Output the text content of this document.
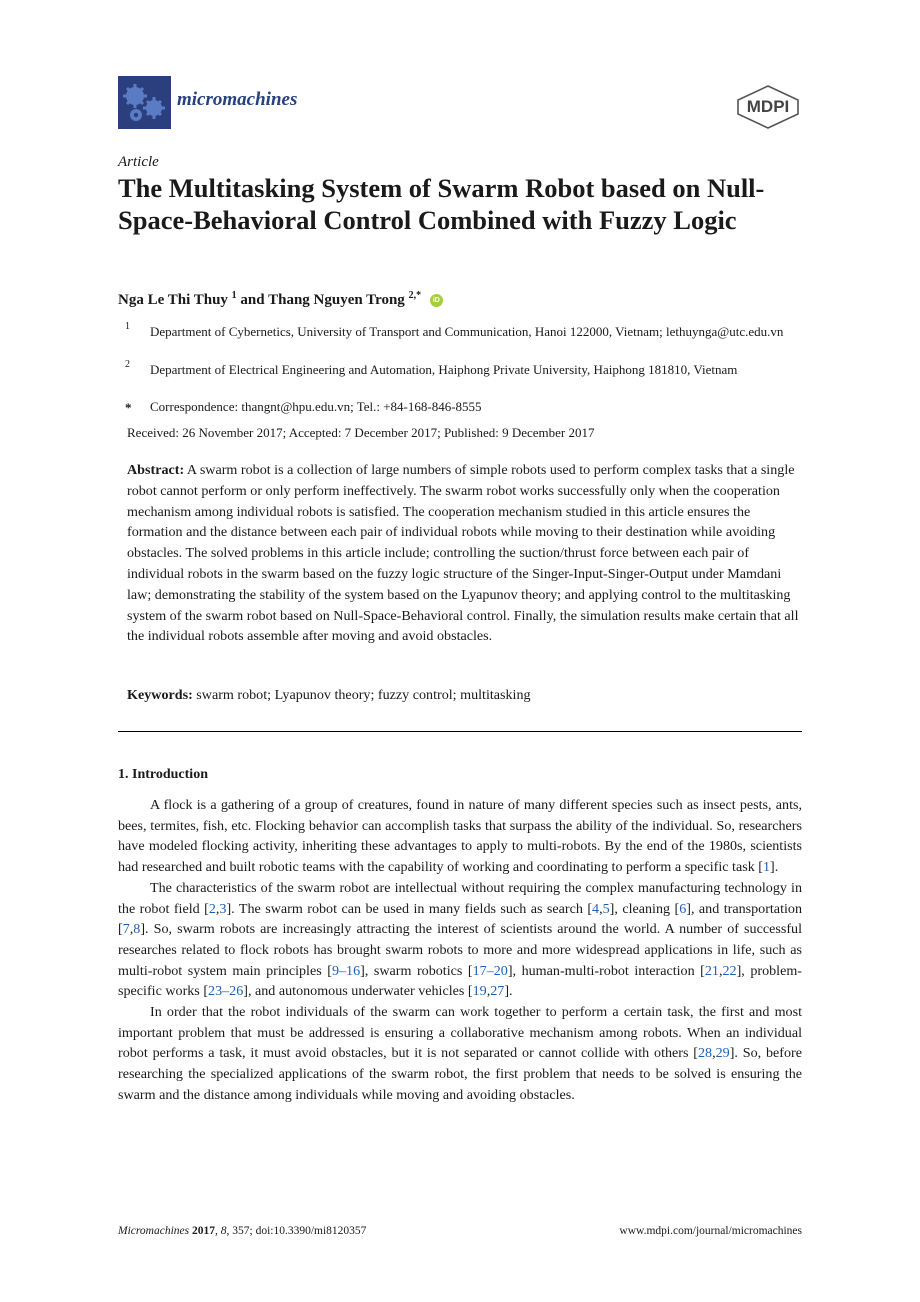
micromachines	MDPI
Article
The Multitasking System of Swarm Robot based on Null-Space-Behavioral Control Combined with Fuzzy Logic
Nga Le Thi Thuy $^1$ and Thang Nguyen Trong $^{2,*}$ iD
1 Department of Cybernetics, University of Transport and Communication, Hanoi 122000, Vietnam; lethuynga@utc.edu.vn
2 Department of Electrical Engineering and Automation, Haiphong Private University, Haiphong 181810, Vietnam
* Correspondence: thangnt@hpu.edu.vn; Tel.: +84-168-846-8555
Received: 26 November 2017; Accepted: 7 December 2017; Published: 9 December 2017
Abstract: A swarm robot is a collection of large numbers of simple robots used to perform complex tasks that a single robot cannot perform or only perform ineffectively. The swarm robot works successfully only when the cooperation mechanism among individual robots is satisfied. The cooperation mechanism studied in this article ensures the formation and the distance between each pair of individual robots while moving to their destination while avoiding obstacles. The solved problems in this article include; controlling the suction/thrust force between each pair of individual robots in the swarm based on the fuzzy logic structure of the Singer-Input-Singer-Output under Mamdani law; demonstrating the stability of the system based on the Lyapunov theory; and applying control to the multitasking system of the swarm robot based on Null-Space-Behavioral control. Finally, the simulation results make certain that all the individual robots assemble after moving and avoid obstacles.
Keywords: swarm robot; Lyapunov theory; fuzzy control; multitasking
1. Introduction

A flock is a gathering of a group of creatures, found in nature of many different species such as insect pests, ants, bees, termites, fish, etc. Flocking behavior can accomplish tasks that surpass the ability of the individual. So, researchers have modeled flocking activity, inheriting these advantages to apply to multi-robots. By the end of the 1980s, scientists had researched and built robotic teams with the capability of working and coordinating to perform a specific task [1].

The characteristics of the swarm robot are intellectual without requiring the complex manufacturing technology in the robot field [2,3]. The swarm robot can be used in many fields such as search [4,5], cleaning [6], and transportation [7,8]. So, swarm robots are increasingly attracting the interest of scientists around the world. A number of successful researches related to flock robots has brought swarm robots to more and more widespread applications in life, such as multi-robot system main principles [9–16], swarm robotics [17–20], human-multi-robot interaction [21,22], problem-specific works [23–26], and autonomous underwater vehicles [19,27].

In order that the robot individuals of the swarm can work together to perform a certain task, the first and most important problem that must be addressed is ensuring a collaborative mechanism among robots. When an individual robot performs a task, it must avoid obstacles, but it is not separated or cannot collide with others [28,29]. So, before researching the specialized applications of the swarm robot, the first problem that needs to be solved is ensuring the swarm and the distance among individuals while moving and avoiding obstacles.

Micromachines 2017, 8, 357; doi:10.3390/mi8120357	www.mdpi.com/journal/micromachines
